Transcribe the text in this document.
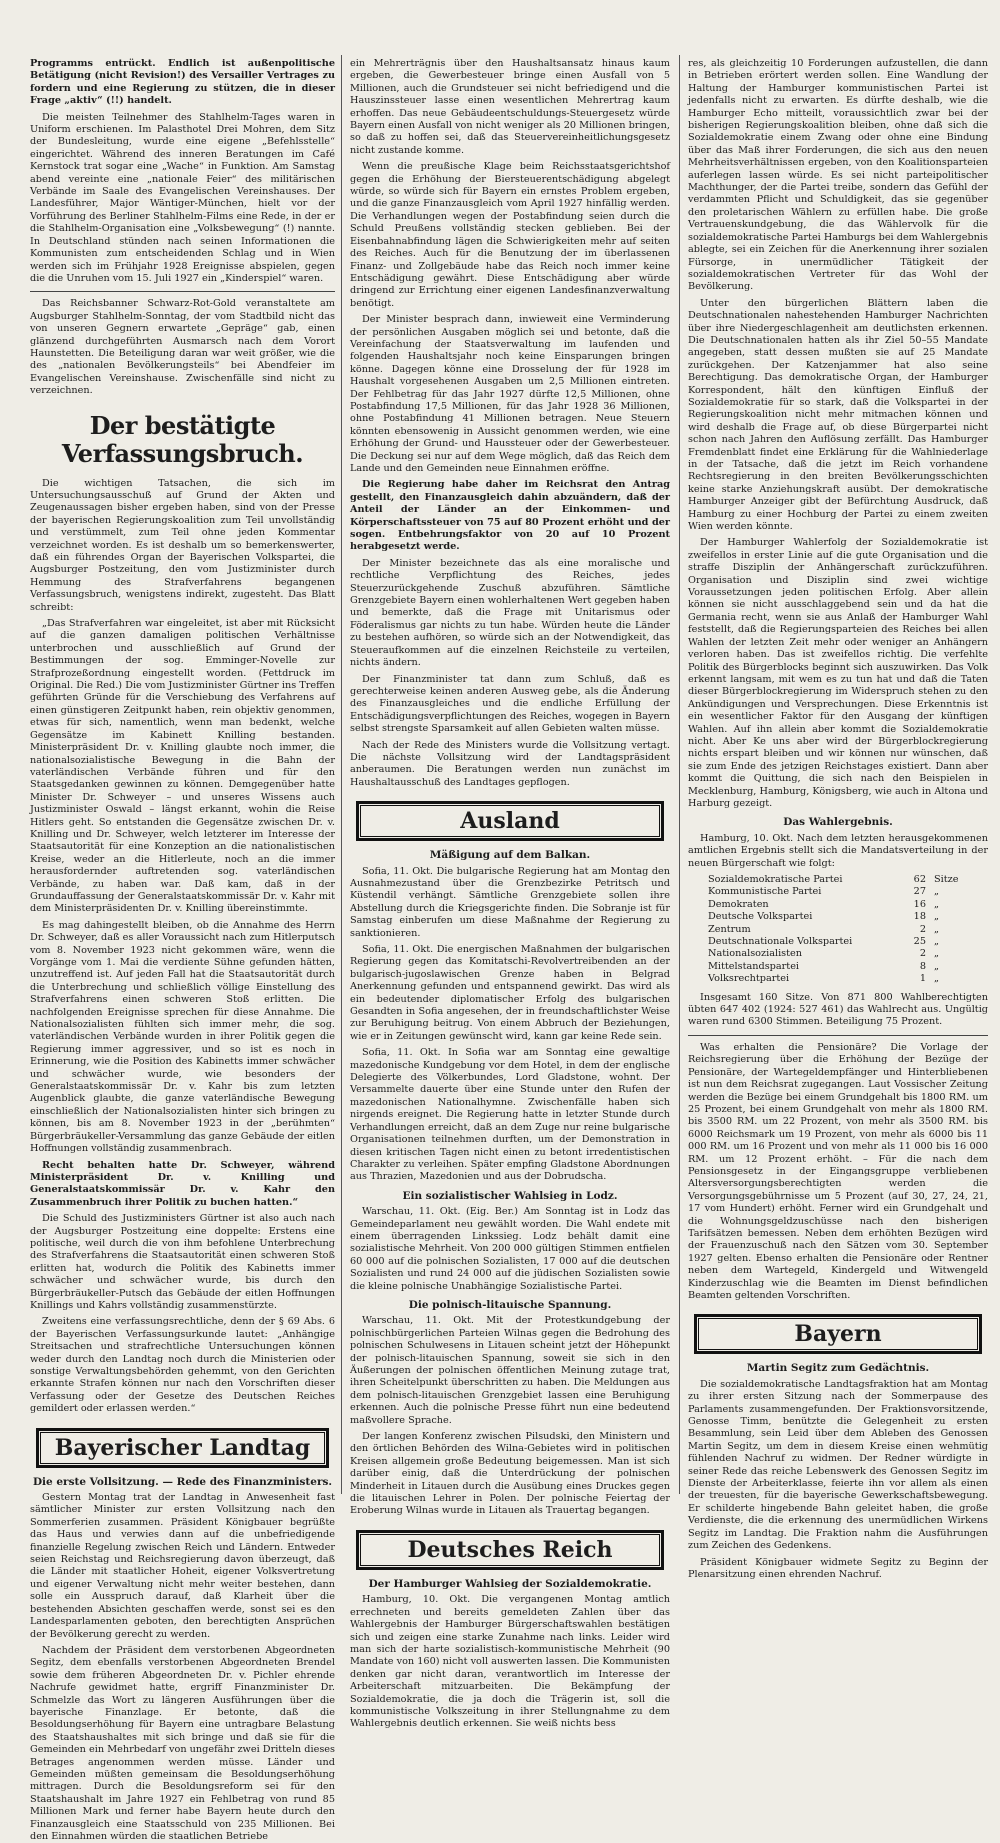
Programms entrückt. Endlich ist außenpolitische Betätigung (nicht Revision!) des Versailler Vertrages zu fordern und eine Regierung zu stützen, die in dieser Frage „aktiv“ (!!) handelt.

Die meisten Teilnehmer des Stahlhelm-Tages waren in Uniform erschienen. Im Palasthotel Drei Mohren, dem Sitz der Bundesleitung, wurde eine eigene „Befehlsstelle“ eingerichtet. Während des inneren Beratungen im Café Kernstock trat sogar eine „Wache“ in Funktion. Am Samstag abend vereinte eine „nationale Feier“ des militärischen Verbände im Saale des Evangelischen Vereinshauses. Der Landesführer, Major Wäntiger-München, hielt vor der Vorführung des Berliner Stahlhelm-Films eine Rede, in der er die Stahlhelm-Organisation eine „Volksbewegung“ (!) nannte. In Deutschland stünden nach seinen Informationen die Kommunisten zum entscheidenden Schlag und in Wien werden sich im Frühjahr 1928 Ereignisse abspielen, gegen die die Unruhen vom 15. Juli 1927 ein „Kinderspiel“ waren.

Das Reichsbanner Schwarz-Rot-Gold veranstaltete am Augsburger Stahlhelm-Sonntag, der vom Stadtbild nicht das von unseren Gegnern erwartete „Gepräge“ gab, einen glänzend durchgeführten Ausmarsch nach dem Vorort Haunstetten. Die Beteiligung daran war weit größer, wie die des „nationalen Bevölkerungsteils“ bei Abendfeier im Evangelischen Vereinshause. Zwischenfälle sind nicht zu verzeichnen.

Der bestätigte Verfassungsbruch.

Die wichtigen Tatsachen, die sich im Untersuchungsausschuß auf Grund der Akten und Zeugenaussagen bisher ergeben haben, sind von der Presse der bayerischen Regierungskoalition zum Teil unvollständig und verstümmelt, zum Teil ohne jeden Kommentar verzeichnet worden. Es ist deshalb um so bemerkenswerter, daß ein führendes Organ der Bayerischen Volkspartei, die Augsburger Postzeitung, den vom Justizminister durch Hemmung des Strafverfahrens begangenen Verfassungsbruch, wenigstens indirekt, zugesteht. Das Blatt schreibt:

„Das Strafverfahren war eingeleitet, ist aber mit Rücksicht auf die ganzen damaligen politischen Verhältnisse unterbrochen und ausschließlich auf Grund der Bestimmungen der sog. Emminger-Novelle zur Strafprozeßordnung eingestellt worden. (Fettdruck im Original. Die Red.) Die vom Justizminister Gürtner ins Treffen geführten Gründe für die Verschiebung des Verfahrens auf einen günstigeren Zeitpunkt haben, rein objektiv genommen, etwas für sich, namentlich, wenn man bedenkt, welche Gegensätze im Kabinett Knilling bestanden. Ministerpräsident Dr. v. Knilling glaubte noch immer, die nationalsozialistische Bewegung in die Bahn der vaterländischen Verbände führen und für den Staatsgedanken gewinnen zu können. Demgegenüber hatte Minister Dr. Schweyer – und unseres Wissens auch Justizminister Oswald – längst erkannt, wohin die Reise Hitlers geht. So entstanden die Gegensätze zwischen Dr. v. Knilling und Dr. Schweyer, welch letzterer im Interesse der Staatsautorität für eine Konzeption an die nationalistischen Kreise, weder an die Hitlerleute, noch an die immer herausfordernder auftretenden sog. vaterländischen Verbände, zu haben war. Daß kam, daß in der Grundauffassung der Generalstaatskommissär Dr. v. Kahr mit dem Ministerpräsidenten Dr. v. Knilling übereinstimmte.

Es mag dahingestellt bleiben, ob die Annahme des Herrn Dr. Schweyer, daß es aller Voraussicht nach zum Hitlerputsch vom 8. November 1923 nicht gekommen wäre, wenn die Vorgänge vom 1. Mai die verdiente Sühne gefunden hätten, unzutreffend ist. Auf jeden Fall hat die Staatsautorität durch die Unterbrechung und schließlich völlige Einstellung des Strafverfahrens einen schweren Stoß erlitten. Die nachfolgenden Ereignisse sprechen für diese Annahme. Die Nationalsozialisten fühlten sich immer mehr, die sog. vaterländischen Verbände wurden in ihrer Politik gegen die Regierung immer aggressiver, und so ist es noch in Erinnerung, wie die Position des Kabinetts immer schwächer und schwächer wurde, wie besonders der Generalstaatskommissär Dr. v. Kahr bis zum letzten Augenblick glaubte, die ganze vaterländische Bewegung einschließlich der Nationalsozialisten hinter sich bringen zu können, bis am 8. November 1923 in der „berühmten“ Bürgerbräukeller-Versammlung das ganze Gebäude der eitlen Hoffnungen vollständig zusammenbrach.

Recht behalten hatte Dr. Schweyer, während Ministerpräsident Dr. v. Knilling und Generalstaatskommissär Dr. v. Kahr den Zusammenbruch ihrer Politik zu buchen hatten.“

Die Schuld des Justizministers Gürtner ist also auch nach der Augsburger Postzeitung eine doppelte: Erstens eine politische, weil durch die von ihm befohlene Unterbrechung des Strafverfahrens die Staatsautorität einen schweren Stoß erlitten hat, wodurch die Politik des Kabinetts immer schwächer und schwächer wurde, bis durch den Bürgerbräukeller-Putsch das Gebäude der eitlen Hoffnungen Knillings und Kahrs vollständig zusammenstürzte.

Zweitens eine verfassungsrechtliche, denn der § 69 Abs. 6 der Bayerischen Verfassungsurkunde lautet: „Anhängige Streitsachen und strafrechtliche Untersuchungen können weder durch den Landtag noch durch die Ministerien oder sonstige Verwaltungsbehörden gehemmt, von den Gerichten erkannte Strafen können nur nach den Vorschriften dieser Verfassung oder der Gesetze des Deutschen Reiches gemildert oder erlassen werden.“

Bayerischer Landtag
Die erste Vollsitzung. — Rede des Finanzministers.

Gestern Montag trat der Landtag in Anwesenheit fast sämtlicher Minister zur ersten Vollsitzung nach den Sommerferien zusammen. Präsident Königbauer begrüßte das Haus und verwies dann auf die unbefriedigende finanzielle Regelung zwischen Reich und Ländern. Entweder seien Reichstag und Reichsregierung davon überzeugt, daß die Länder mit staatlicher Hoheit, eigener Volksvertretung und eigener Verwaltung nicht mehr weiter bestehen, dann solle ein Ausspruch darauf, daß Klarheit über die bestehenden Absichten geschaffen werde, sonst sei es den Landesparlamenten geboten, den berechtigten Ansprüchen der Bevölkerung gerecht zu werden.

Nachdem der Präsident dem verstorbenen Abgeordneten Segitz, dem ebenfalls verstorbenen Abgeordneten Brendel sowie dem früheren Abgeordneten Dr. v. Pichler ehrende Nachrufe gewidmet hatte, ergriff Finanzminister Dr. Schmelzle das Wort zu längeren Ausführungen über die bayerische Finanzlage. Er betonte, daß die Besoldungserhöhung für Bayern eine untragbare Belastung des Staatshaushaltes mit sich bringe und daß sie für die Gemeinden ein Mehrbedarf von ungefähr zwei Dritteln dieses Betrages angenommen werden müsse. Länder und Gemeinden müßten gemeinsam die Besoldungserhöhung mittragen. Durch die Besoldungsreform sei für den Staatshaushalt im Jahre 1927 ein Fehlbetrag von rund 85 Millionen Mark und ferner habe Bayern heute durch den Finanzausgleich eine Staatsschuld von 235 Millionen. Bei den Einnahmen würden die staatlichen Betriebe

ein Mehrerträgnis über den Haushaltsansatz hinaus kaum ergeben, die Gewerbesteuer bringe einen Ausfall von 5 Millionen, auch die Grundsteuer sei nicht befriedigend und die Hauszinssteuer lasse einen wesentlichen Mehrertrag kaum erhoffen. Das neue Gebäudeentschuldungs-Steuergesetz würde Bayern einen Ausfall von nicht weniger als 20 Millionen bringen, so daß zu hoffen sei, daß das Steuervereinheitlichungsgesetz nicht zustande komme.

Wenn die preußische Klage beim Reichsstaatsgerichtshof gegen die Erhöhung der Biersteuerentschädigung abgelegt würde, so würde sich für Bayern ein ernstes Problem ergeben, und die ganze Finanzausgleich vom April 1927 hinfällig werden. Die Verhandlungen wegen der Postabfindung seien durch die Schuld Preußens vollständig stecken geblieben. Bei der Eisenbahnabfindung lägen die Schwierigkeiten mehr auf seiten des Reiches. Auch für die Benutzung der im überlassenen Finanz- und Zollgebäude habe das Reich noch immer keine Entschädigung gewährt. Diese Entschädigung aber würde dringend zur Errichtung einer eigenen Landesfinanzverwaltung benötigt.

Der Minister besprach dann, inwieweit eine Verminderung der persönlichen Ausgaben möglich sei und betonte, daß die Vereinfachung der Staatsverwaltung im laufenden und folgenden Haushaltsjahr noch keine Einsparungen bringen könne. Dagegen könne eine Drosselung der für 1928 im Haushalt vorgesehenen Ausgaben um 2,5 Millionen eintreten. Der Fehlbetrag für das Jahr 1927 dürfte 12,5 Millionen, ohne Postabfindung 17,5 Millionen, für das Jahr 1928 36 Millionen, ohne Postabfindung 41 Millionen betragen. Neue Steuern könnten ebensowenig in Aussicht genommen werden, wie eine Erhöhung der Grund- und Haussteuer oder der Gewerbesteuer. Die Deckung sei nur auf dem Wege möglich, daß das Reich dem Lande und den Gemeinden neue Einnahmen eröffne.

Die Regierung habe daher im Reichsrat den Antrag gestellt, den Finanzausgleich dahin abzuändern, daß der Anteil der Länder an der Einkommen- und Körperschaftssteuer von 75 auf 80 Prozent erhöht und der sogen. Entbehrungsfaktor von 20 auf 10 Prozent herabgesetzt werde.

Der Minister bezeichnete das als eine moralische und rechtliche Verpflichtung des Reiches, jedes Steuerzurückgehende Zuschuß abzuführen. Sämtliche Grenzgebiete Bayern einen wohlerhaltenen Wert gegeben haben und bemerkte, daß die Frage mit Unitarismus oder Föderalismus gar nichts zu tun habe. Würden heute die Länder zu bestehen aufhören, so würde sich an der Notwendigkeit, das Steueraufkommen auf die einzelnen Reichsteile zu verteilen, nichts ändern.

Der Finanzminister tat dann zum Schluß, daß es gerechterweise keinen anderen Ausweg gebe, als die Änderung des Finanzausgleiches und die endliche Erfüllung der Entschädigungsverpflichtungen des Reiches, wogegen in Bayern selbst strengste Sparsamkeit auf allen Gebieten walten müsse.

Nach der Rede des Ministers wurde die Vollsitzung vertagt. Die nächste Vollsitzung wird der Landtagspräsident anberaumen. Die Beratungen werden nun zunächst im Haushaltausschuß des Landtages gepflogen.

Ausland
Mäßigung auf dem Balkan.

Sofia, 11. Okt. Die bulgarische Regierung hat am Montag den Ausnahmezustand über die Grenzbezirke Petritsch und Küstendil verhängt. Sämtliche Grenzgebiete sollen ihre Abstellung durch die Kriegsgerichte finden. Die Sobranje ist für Samstag einberufen um diese Maßnahme der Regierung zu sanktionieren.

Sofia, 11. Okt. Die energischen Maßnahmen der bulgarischen Regierung gegen das Komitatschi-Revolvertreibenden an der bulgarisch-jugoslawischen Grenze haben in Belgrad Anerkennung gefunden und entspannend gewirkt. Das wird als ein bedeutender diplomatischer Erfolg des bulgarischen Gesandten in Sofia angesehen, der in freundschaftlichster Weise zur Beruhigung beitrug. Von einem Abbruch der Beziehungen, wie er in Zeitungen gewünscht wird, kann gar keine Rede sein.

Sofia, 11. Okt. In Sofia war am Sonntag eine gewaltige mazedonische Kundgebung vor dem Hotel, in dem der englische Delegierte des Völkerbundes, Lord Gladstone, wohnt. Der Versammelte dauerte über eine Stunde unter den Rufen der mazedonischen Nationalhymne. Zwischenfälle haben sich nirgends ereignet. Die Regierung hatte in letzter Stunde durch Verhandlungen erreicht, daß an dem Zuge nur reine bulgarische Organisationen teilnehmen durften, um der Demonstration in diesen kritischen Tagen nicht einen zu betont irredentistischen Charakter zu verleihen. Später empfing Gladstone Abordnungen aus Thrazien, Mazedonien und aus der Dobrudscha.

Ein sozialistischer Wahlsieg in Lodz.

Warschau, 11. Okt. (Eig. Ber.) Am Sonntag ist in Lodz das Gemeindeparlament neu gewählt worden. Die Wahl endete mit einem überragenden Linkssieg. Lodz behält damit eine sozialistische Mehrheit. Von 200 000 gültigen Stimmen entfielen 60 000 auf die polnischen Sozialisten, 17 000 auf die deutschen Sozialisten und rund 24 000 auf die jüdischen Sozialisten sowie die kleine polnische Unabhängige Sozialistische Partei.

Die polnisch-litauische Spannung.

Warschau, 11. Okt. Mit der Protestkundgebung der polnischbürgerlichen Parteien Wilnas gegen die Bedrohung des polnischen Schulwesens in Litauen scheint jetzt der Höhepunkt der polnisch-litauischen Spannung, soweit sie sich in den Äußerungen der polnischen öffentlichen Meinung zutage trat, ihren Scheitelpunkt überschritten zu haben. Die Meldungen aus dem polnisch-litauischen Grenzgebiet lassen eine Beruhigung erkennen. Auch die polnische Presse führt nun eine bedeutend maßvollere Sprache.

Der langen Konferenz zwischen Pilsudski, den Ministern und den örtlichen Behörden des Wilna-Gebietes wird in politischen Kreisen allgemein große Bedeutung beigemessen. Man ist sich darüber einig, daß die Unterdrückung der polnischen Minderheit in Litauen durch die Ausübung eines Druckes gegen die litauischen Lehrer in Polen. Der polnische Feiertag der Eroberung Wilnas wurde in Litauen als Trauertag begangen.

Deutsches Reich
Der Hamburger Wahlsieg der Sozialdemokratie.

Hamburg, 10. Okt. Die vergangenen Montag amtlich errechneten und bereits gemeldeten Zahlen über das Wahlergebnis der Hamburger Bürgerschaftswahlen bestätigen sich und zeigen eine starke Zunahme nach links. Leider wird man sich der harte sozialistisch-kommunistische Mehrheit (90 Mandate von 160) nicht voll auswerten lassen. Die Kommunisten denken gar nicht daran, verantwortlich im Interesse der Arbeiterschaft mitzuarbeiten. Die Bekämpfung der Sozialdemokratie, die ja doch die Trägerin ist, soll die kommunistische Volkszeitung in ihrer Stellungnahme zu dem Wahlergebnis deutlich erkennen. Sie weiß nichts bess

res, als gleichzeitig 10 Forderungen aufzustellen, die dann in Betrieben erörtert werden sollen. Eine Wandlung der Haltung der Hamburger kommunistischen Partei ist jedenfalls nicht zu erwarten. Es dürfte deshalb, wie die Hamburger Echo mitteilt, voraussichtlich zwar bei der bisherigen Regierungskoalition bleiben, ohne daß sich die Sozialdemokratie einem Zwang oder ohne eine Bindung über das Maß ihrer Forderungen, die sich aus den neuen Mehrheitsverhältnissen ergeben, von den Koalitionsparteien auferlegen lassen würde. Es sei nicht parteipolitischer Machthunger, der die Partei treibe, sondern das Gefühl der verdammten Pflicht und Schuldigkeit, das sie gegenüber den proletarischen Wählern zu erfüllen habe. Die große Vertrauenskundgebung, die das Wählervolk für die sozialdemokratische Partei Hamburgs bei dem Wahlergebnis ablegte, sei ein Zeichen für die Anerkennung ihrer sozialen Fürsorge, in unermüdlicher Tätigkeit der sozialdemokratischen Vertreter für das Wohl der Bevölkerung.

Unter den bürgerlichen Blättern laben die Deutschnationalen nahestehenden Hamburger Nachrichten über ihre Niedergeschlagenheit am deutlichsten erkennen. Die Deutschnationalen hatten als ihr Ziel 50–55 Mandate angegeben, statt dessen mußten sie auf 25 Mandate zurückgehen. Der Katzenjammer hat also seine Berechtigung. Das demokratische Organ, der Hamburger Korrespondent, hält den künftigen Einfluß der Sozialdemokratie für so stark, daß die Volkspartei in der Regierungskoalition nicht mehr mitmachen können und wird deshalb die Frage auf, ob diese Bürgerpartei nicht schon nach Jahren den Auflösung zerfällt. Das Hamburger Fremdenblatt findet eine Erklärung für die Wahlniederlage in der Tatsache, daß die jetzt im Reich vorhandene Rechtsregierung in den breiten Bevölkerungsschichten keine starke Anziehungskraft ausübt. Der demokratische Hamburger Anzeiger gibt der Befürchtung Ausdruck, daß Hamburg zu einer Hochburg der Partei zu einem zweiten Wien werden könnte.

Der Hamburger Wahlerfolg der Sozialdemokratie ist zweifellos in erster Linie auf die gute Organisation und die straffe Disziplin der Anhängerschaft zurückzuführen. Organisation und Disziplin sind zwei wichtige Voraussetzungen jeden politischen Erfolg. Aber allein können sie nicht ausschlaggebend sein und da hat die Germania recht, wenn sie aus Anlaß der Hamburger Wahl feststellt, daß die Regierungsparteien des Reiches bei allen Wahlen der letzten Zeit mehr oder weniger an Anhängern verloren haben. Das ist zweifellos richtig. Die verfehlte Politik des Bürgerblocks beginnt sich auszuwirken. Das Volk erkennt langsam, mit wem es zu tun hat und daß die Taten dieser Bürgerblockregierung im Widerspruch stehen zu den Ankündigungen und Versprechungen. Diese Erkenntnis ist ein wesentlicher Faktor für den Ausgang der künftigen Wahlen. Auf ihn allein aber kommt die Sozialdemokratie nicht. Aber Ke uns aber wird der Bürgerblockregierung nichts erspart bleiben und wir können nur wünschen, daß sie zum Ende des jetzigen Reichstages existiert. Dann aber kommt die Quittung, die sich nach den Beispielen in Mecklenburg, Hamburg, Königsberg, wie auch in Altona und Harburg gezeigt.

Das Wahlergebnis.

Hamburg, 10. Okt. Nach dem letzten herausgekommenen amtlichen Ergebnis stellt sich die Mandatsverteilung in der neuen Bürgerschaft wie folgt:

Sozialdemokratische Partei	62	Sitze
Kommunistische Partei	27	„
Demokraten	16	„
Deutsche Volkspartei	18	„
Zentrum	2	„
Deutschnationale Volkspartei	25	„
Nationalsozialisten	2	„
Mittelstandspartei	8	„
Volksrechtpartei	1	„

Insgesamt 160 Sitze. Von 871 800 Wahlberechtigten übten 647 402 (1924: 527 461) das Wahlrecht aus. Ungültig waren rund 6300 Stimmen. Beteiligung 75 Prozent.

Was erhalten die Pensionäre? Die Vorlage der Reichsregierung über die Erhöhung der Bezüge der Pensionäre, der Wartegeldempfänger und Hinterbliebenen ist nun dem Reichsrat zugegangen. Laut Vossischer Zeitung werden die Bezüge bei einem Grundgehalt bis 1800 RM. um 25 Prozent, bei einem Grundgehalt von mehr als 1800 RM. bis 3500 RM. um 22 Prozent, von mehr als 3500 RM. bis 6000 Reichsmark um 19 Prozent, von mehr als 6000 bis 11 000 RM. um 16 Prozent und von mehr als 11 000 bis 16 000 RM. um 12 Prozent erhöht. – Für die nach dem Pensionsgesetz in der Eingangsgruppe verbliebenen Altersversorgungsberechtigten werden die Versorgungsgebührnisse um 5 Prozent (auf 30, 27, 24, 21, 17 vom Hundert) erhöht. Ferner wird ein Grundgehalt und die Wohnungsgeldzuschüsse nach den bisherigen Tarifsätzen bemessen. Neben dem erhöhten Bezügen wird der Frauenzuschuß nach den Sätzen vom 30. September 1927 gelten. Ebenso erhalten die Pensionäre oder Rentner neben dem Wartegeld, Kindergeld und Witwengeld Kinderzuschlag wie die Beamten im Dienst befindlichen Beamten geltenden Vorschriften.

Bayern
Martin Segitz zum Gedächtnis.

Die sozialdemokratische Landtagsfraktion hat am Montag zu ihrer ersten Sitzung nach der Sommerpause des Parlaments zusammengefunden. Der Fraktionsvorsitzende, Genosse Timm, benützte die Gelegenheit zu ersten Besammlung, sein Leid über dem Ableben des Genossen Martin Segitz, um dem in diesem Kreise einen wehmütig fühlenden Nachruf zu widmen. Der Redner würdigte in seiner Rede das reiche Lebenswerk des Genossen Segitz im Dienste der Arbeiterklasse, feierte ihn vor allem als einen der treuesten, für die bayerische Gewerkschaftsbewegung. Er schilderte hingebende Bahn geleitet haben, die große Verdienste, die die erkennung des unermüdlichen Wirkens Segitz im Landtag. Die Fraktion nahm die Ausführungen zum Zeichen des Gedenkens.

Präsident Königbauer widmete Segitz zu Beginn der Plenarsitzung einen ehrenden Nachruf.
